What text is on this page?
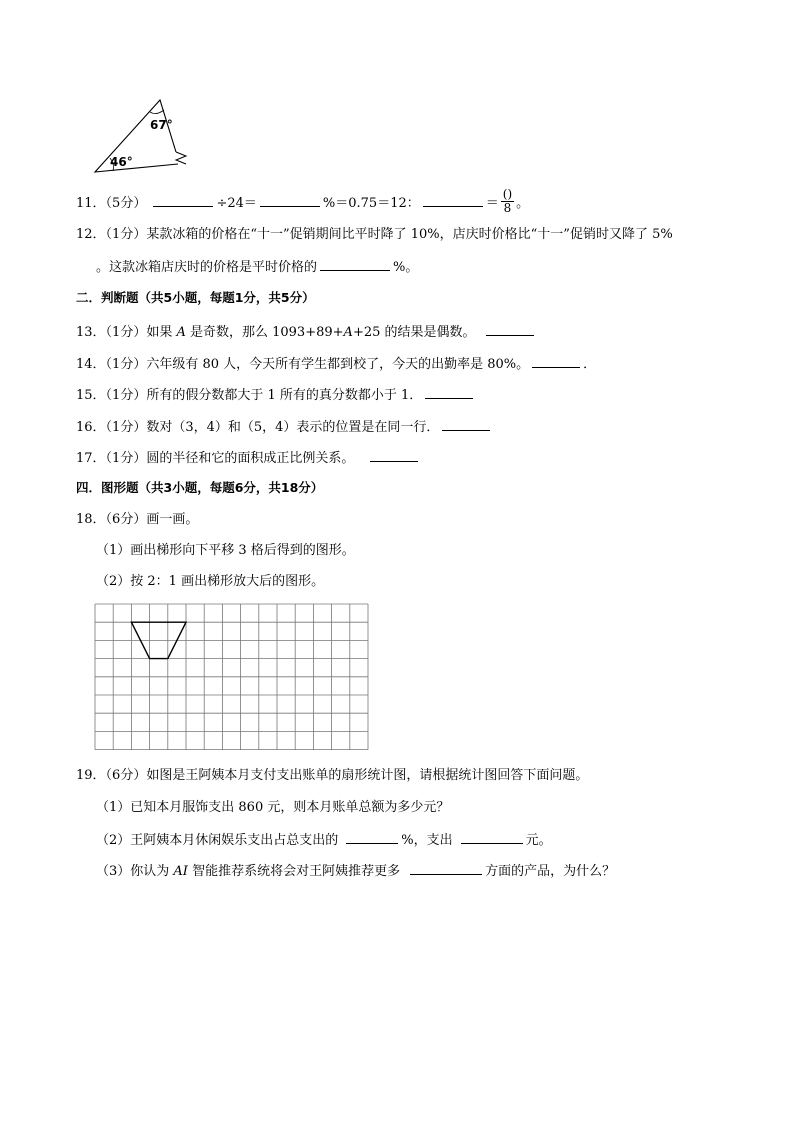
67°
46°
11．（5分）	÷24＝	%＝0.75＝12：	＝ $\frac{()}{8}$ 。
12．（1分）某款冰箱的价格在“十一”促销期间比平时降了 10%，店庆时价格比“十一”促销时又降了 5%
。这款冰箱店庆时的价格是平时价格的	%。
二．判断题（共5小题，每题1分，共5分）
13．（1分）如果 A 是奇数，那么 1093+89+A+25 的结果是偶数。
14．（1分）六年级有 80 人，今天所有学生都到校了，今天的出勤率是 80%。	．
15．（1分）所有的假分数都大于 1 所有的真分数都小于 1．
16．（1分）数对（3，4）和（5，4）表示的位置是在同一行．
17．（1分）圆的半径和它的面积成正比例关系。
四．图形题（共3小题，每题6分，共18分）
18．（6分）画一画。
（1）画出梯形向下平移 3 格后得到的图形。
（2）按 2：1 画出梯形放大后的图形。
19．（6分）如图是王阿姨本月支付支出账单的扇形统计图，请根据统计图回答下面问题。
（1）已知本月服饰支出 860 元，则本月账单总额为多少元？
（2）王阿姨本月休闲娱乐支出占总支出的	%，支出	元。
（3）你认为 AI 智能推荐系统将会对王阿姨推荐更多	方面的产品，为什么？
